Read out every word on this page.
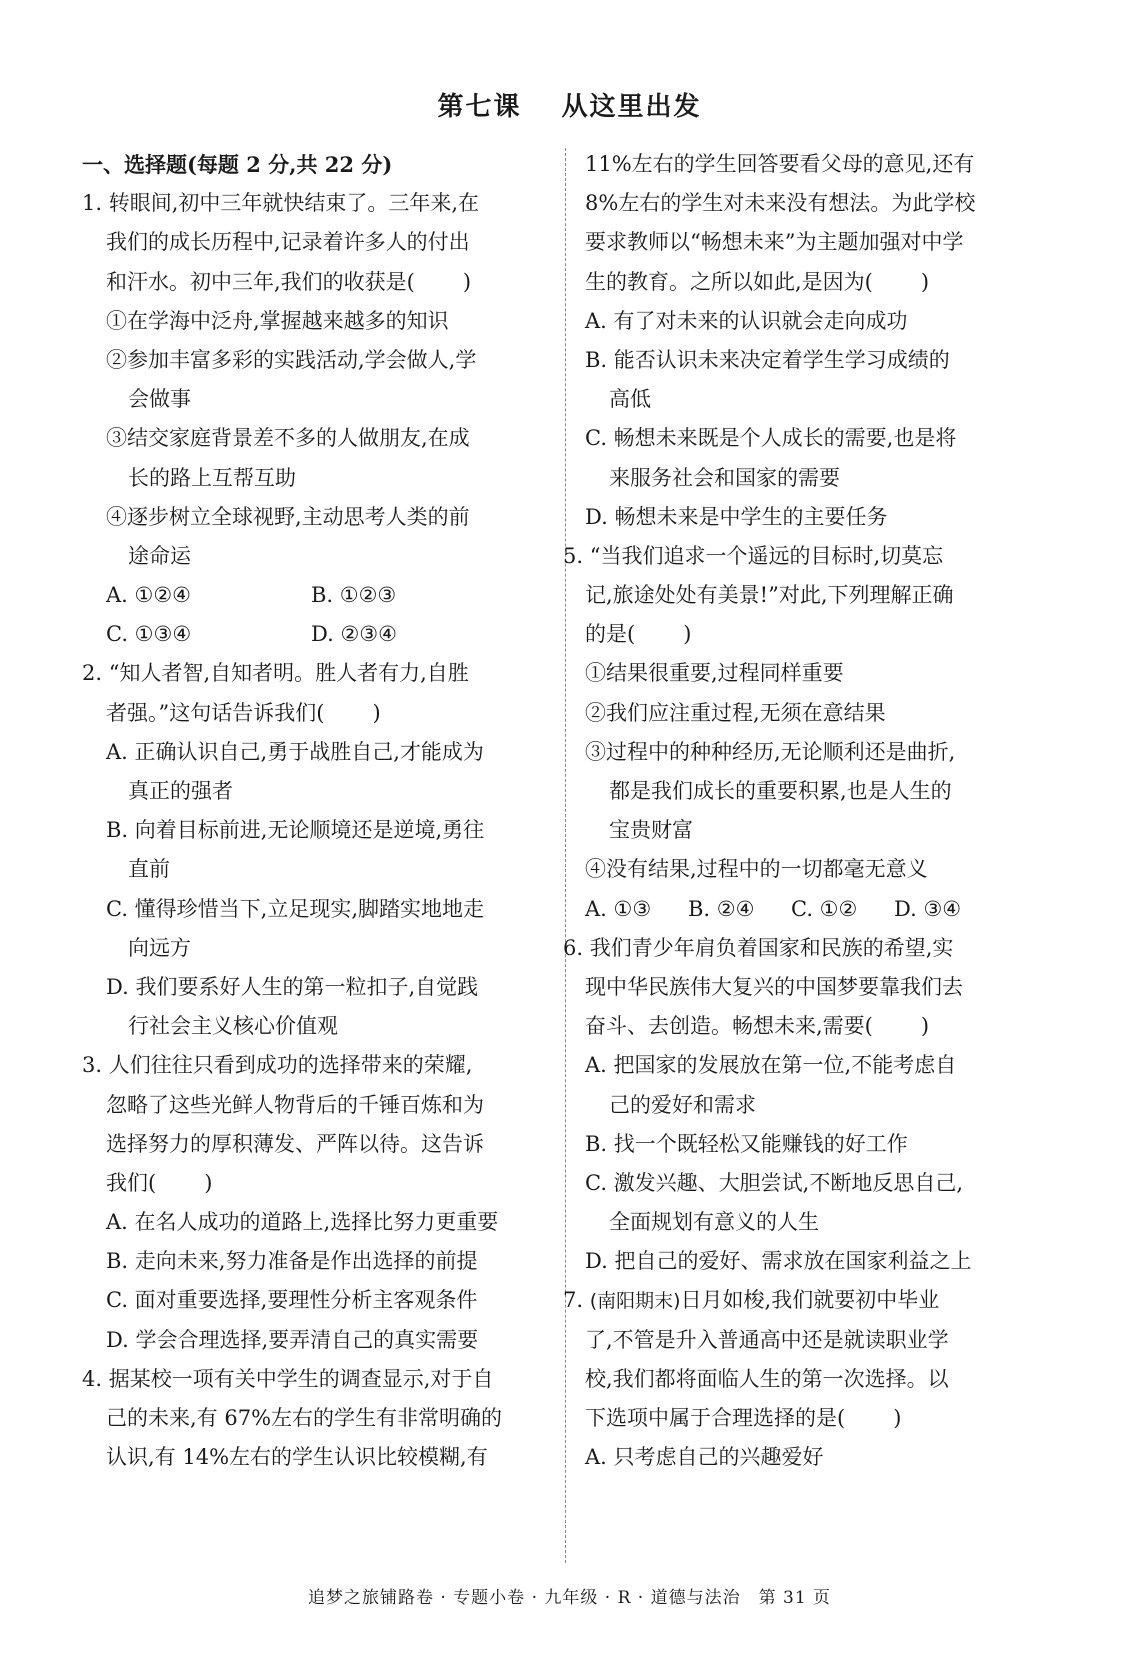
第七课 从这里出发
一、选择题(每题 2 分,共 22 分)
1. 转眼间,初中三年就快结束了。三年来,在
我们的成长历程中,记录着许多人的付出
和汗水。初中三年,我们的收获是( )
①在学海中泛舟,掌握越来越多的知识
②参加丰富多彩的实践活动,学会做人,学
会做事
③结交家庭背景差不多的人做朋友,在成
长的路上互帮互助
④逐步树立全球视野,主动思考人类的前
途命运
A. ①②④	B. ①②③
C. ①③④	D. ②③④
2. “知人者智,自知者明。胜人者有力,自胜
者强。”这句话告诉我们( )
A. 正确认识自己,勇于战胜自己,才能成为
真正的强者
B. 向着目标前进,无论顺境还是逆境,勇往
直前
C. 懂得珍惜当下,立足现实,脚踏实地地走
向远方
D. 我们要系好人生的第一粒扣子,自觉践
行社会主义核心价值观
3. 人们往往只看到成功的选择带来的荣耀,
忽略了这些光鲜人物背后的千锤百炼和为
选择努力的厚积薄发、严阵以待。这告诉
我们( )
A. 在名人成功的道路上,选择比努力更重要
B. 走向未来,努力准备是作出选择的前提
C. 面对重要选择,要理性分析主客观条件
D. 学会合理选择,要弄清自己的真实需要
4. 据某校一项有关中学生的调查显示,对于自
己的未来,有 67%左右的学生有非常明确的
认识,有 14%左右的学生认识比较模糊,有
11%左右的学生回答要看父母的意见,还有
8%左右的学生对未来没有想法。为此学校
要求教师以“畅想未来”为主题加强对中学
生的教育。之所以如此,是因为( )
A. 有了对未来的认识就会走向成功
B. 能否认识未来决定着学生学习成绩的
高低
C. 畅想未来既是个人成长的需要,也是将
来服务社会和国家的需要
D. 畅想未来是中学生的主要任务
5. “当我们追求一个遥远的目标时,切莫忘
记,旅途处处有美景!”对此,下列理解正确
的是( )
①结果很重要,过程同样重要
②我们应注重过程,无须在意结果
③过程中的种种经历,无论顺利还是曲折,
都是我们成长的重要积累,也是人生的
宝贵财富
④没有结果,过程中的一切都毫无意义
A. ①③	B. ②④	C. ①②	D. ③④
6. 我们青少年肩负着国家和民族的希望,实
现中华民族伟大复兴的中国梦要靠我们去
奋斗、去创造。畅想未来,需要( )
A. 把国家的发展放在第一位,不能考虑自
己的爱好和需求
B. 找一个既轻松又能赚钱的好工作
C. 激发兴趣、大胆尝试,不断地反思自己,
全面规划有意义的人生
D. 把自己的爱好、需求放在国家利益之上
7. (南阳期末)日月如梭,我们就要初中毕业
了,不管是升入普通高中还是就读职业学
校,我们都将面临人生的第一次选择。以
下选项中属于合理选择的是( )
A. 只考虑自己的兴趣爱好
追梦之旅铺路卷 · 专题小卷 · 九年级 · R · 道德与法治　第 31 页
